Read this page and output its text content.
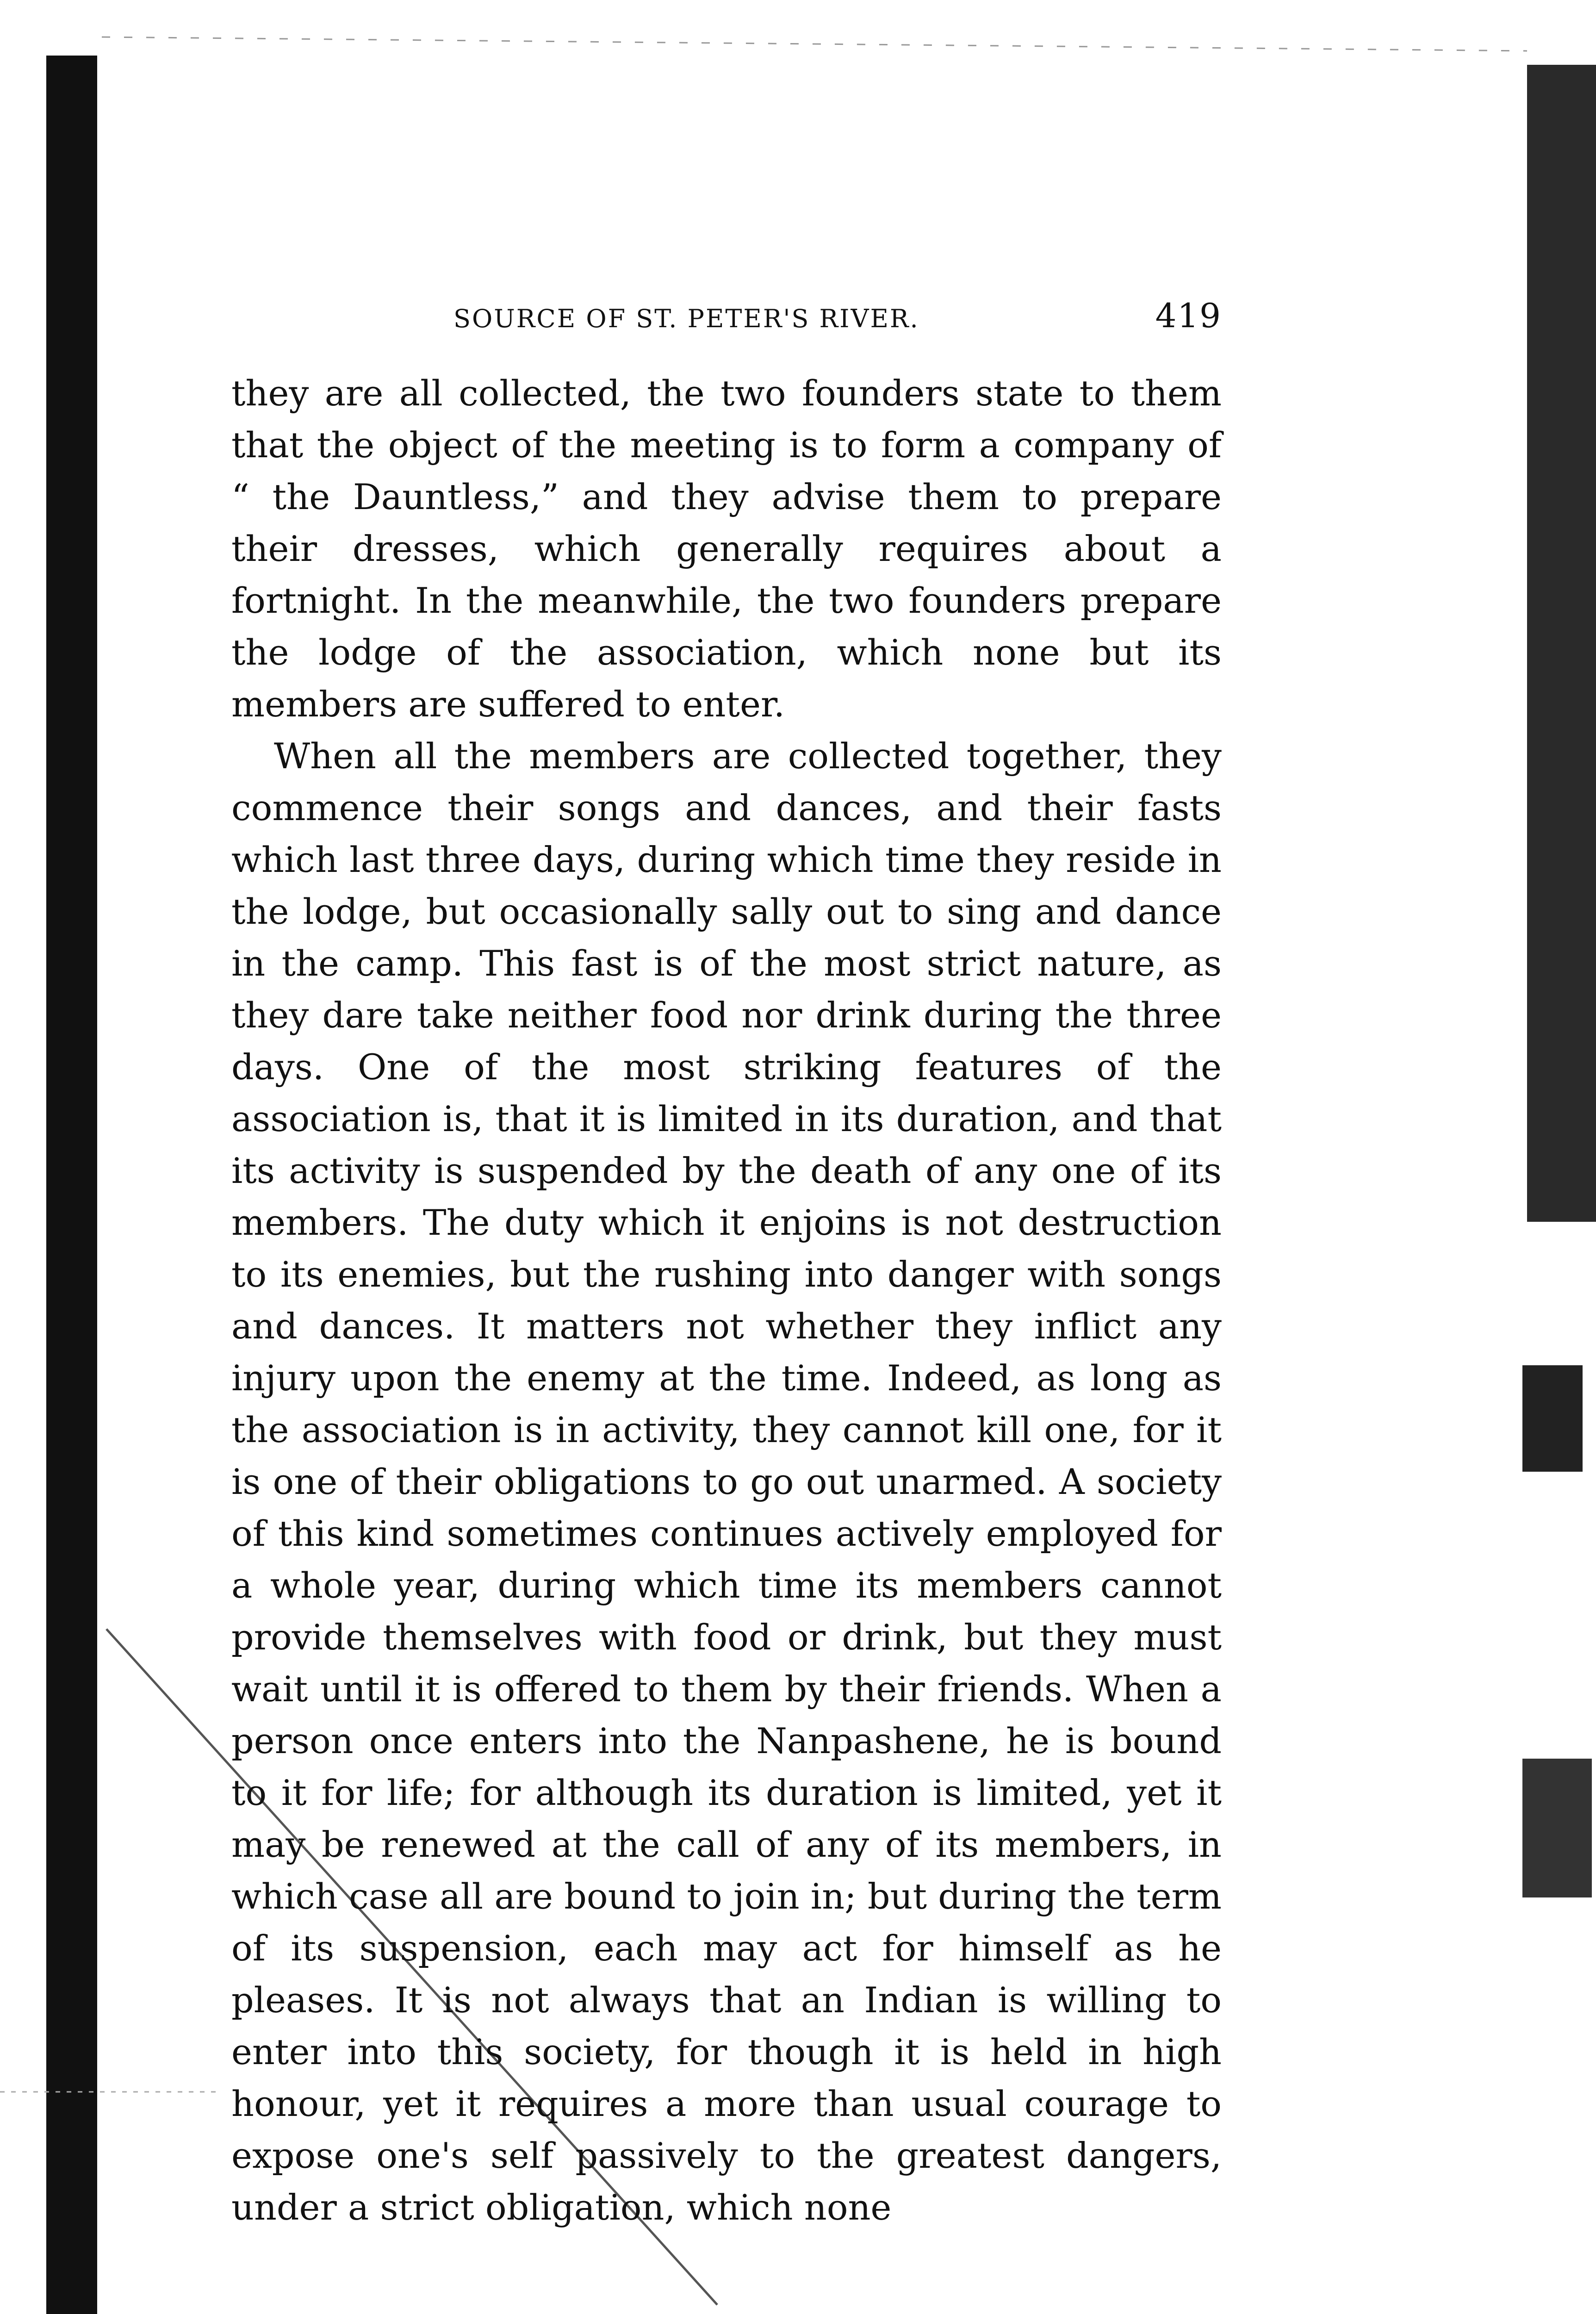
SOURCE OF ST. PETER'S RIVER.	419

they are all collected, the two founders state to them that the object of the meeting is to form a company of “ the Dauntless,” and they advise them to prepare their dresses, which generally requires about a fortnight. In the meanwhile, the two founders prepare the lodge of the association, which none but its members are suffered to enter.

When all the members are collected together, they commence their songs and dances, and their fasts which last three days, during which time they reside in the lodge, but occasionally sally out to sing and dance in the camp. This fast is of the most strict nature, as they dare take neither food nor drink during the three days. One of the most striking features of the association is, that it is limited in its duration, and that its activity is suspended by the death of any one of its members. The duty which it enjoins is not destruction to its enemies, but the rushing into danger with songs and dances. It matters not whether they inflict any injury upon the enemy at the time. Indeed, as long as the association is in activity, they cannot kill one, for it is one of their obligations to go out unarmed. A society of this kind sometimes continues actively employed for a whole year, during which time its members cannot provide themselves with food or drink, but they must wait until it is offered to them by their friends. When a person once enters into the Nanpashene, he is bound to it for life; for although its duration is limited, yet it may be renewed at the call of any of its members, in which case all are bound to join in; but during the term of its suspension, each may act for himself as he pleases. It is not always that an Indian is willing to enter into this society, for though it is held in high honour, yet it requires a more than usual courage to expose one's self passively to the greatest dangers, under a strict obligation, which none
